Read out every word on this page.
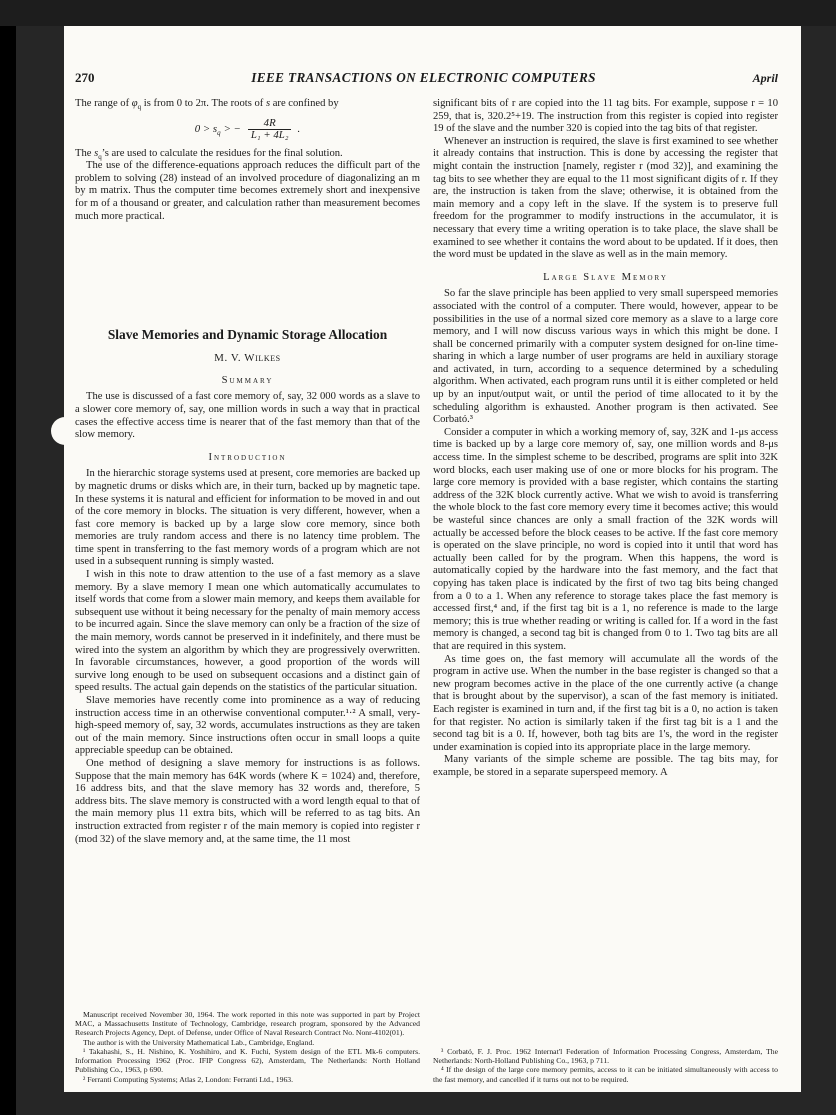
270	IEEE TRANSACTIONS ON ELECTRONIC COMPUTERS	April

The range of $\varphi_q$ is from 0 to 2π. The roots of s are confined by

$0 > s_q$ > − $\frac{4R}{\text{L₁ + 4L₂}}$ .

The $s_q’s$ are used to calculate the residues for the final solution.

The use of the difference-equations approach reduces the difficult part of the problem to solving (28) instead of an involved procedure of diagonalizing an m by m matrix. Thus the computer time becomes extremely short and inexpensive for m of a thousand or greater, and calculation rather than measurement becomes much more practical.

Slave Memories and Dynamic Storage Allocation
M. V. Wilkes
Summary

The use is discussed of a fast core memory of, say, 32 000 words as a slave to a slower core memory of, say, one million words in such a way that in practical cases the effective access time is nearer that of the fast memory than that of the slow memory.

Introduction

In the hierarchic storage systems used at present, core memories are backed up by magnetic drums or disks which are, in their turn, backed up by magnetic tape. In these systems it is natural and efficient for information to be moved in and out of the core memory in blocks. The situation is very different, however, when a fast core memory is backed up by a large slow core memory, since both memories are truly random access and there is no latency time problem. The time spent in transferring to the fast memory words of a program which are not used in a subsequent running is simply wasted.

I wish in this note to draw attention to the use of a fast memory as a slave memory. By a slave memory I mean one which automatically accumulates to itself words that come from a slower main memory, and keeps them available for subsequent use without it being necessary for the penalty of main memory access to be incurred again. Since the slave memory can only be a fraction of the size of the main memory, words cannot be preserved in it indefinitely, and there must be wired into the system an algorithm by which they are progressively overwritten. In favorable circumstances, however, a good proportion of the words will survive long enough to be used on subsequent occasions and a distinct gain of speed results. The actual gain depends on the statistics of the particular situation.

Slave memories have recently come into prominence as a way of reducing instruction access time in an otherwise conventional computer.¹·² A small, very-high-speed memory of, say, 32 words, accumulates instructions as they are taken out of the main memory. Since instructions often occur in small loops a quite appreciable speedup can be obtained.

One method of designing a slave memory for instructions is as follows. Suppose that the main memory has 64K words (where K = 1024) and, therefore, 16 address bits, and that the slave memory has 32 words and, therefore, 5 address bits. The slave memory is constructed with a word length equal to that of the main memory plus 11 extra bits, which will be referred to as tag bits. An instruction extracted from register r of the main memory is copied into register r (mod 32) of the slave memory and, at the same time, the 11 most

Manuscript received November 30, 1964. The work reported in this note was supported in part by Project MAC, a Massachusetts Institute of Technology, Cambridge, research program, sponsored by the Advanced Research Projects Agency, Dept. of Defense, under Office of Naval Research Contract No. Nonr-4102(01).

The author is with the University Mathematical Lab., Cambridge, England.

¹ Takahashi, S., H. Nishino, K. Yoshihiro, and K. Fuchi, System design of the ETL Mk-6 computers. Information Processing 1962 (Proc. IFIP Congress 62), Amsterdam, The Netherlands: North Holland Publishing Co., 1963, p 690.

² Ferranti Computing Systems; Atlas 2, London: Ferranti Ltd., 1963.

significant bits of r are copied into the 11 tag bits. For example, suppose r = 10 259, that is, 320.2⁵+19. The instruction from this register is copied into register 19 of the slave and the number 320 is copied into the tag bits of that register.

Whenever an instruction is required, the slave is first examined to see whether it already contains that instruction. This is done by accessing the register that might contain the instruction [namely, register r (mod 32)], and examining the tag bits to see whether they are equal to the 11 most significant digits of r. If they are, the instruction is taken from the slave; otherwise, it is obtained from the main memory and a copy left in the slave. If the system is to preserve full freedom for the programmer to modify instructions in the accumulator, it is necessary that every time a writing operation is to take place, the slave shall be examined to see whether it contains the word about to be updated. If it does, then the word must be updated in the slave as well as in the main memory.

Large Slave Memory

So far the slave principle has been applied to very small superspeed memories associated with the control of a computer. There would, however, appear to be possibilities in the use of a normal sized core memory as a slave to a large core memory, and I will now discuss various ways in which this might be done. I shall be concerned primarily with a computer system designed for on-line time-sharing in which a large number of user programs are held in auxiliary storage and activated, in turn, according to a sequence determined by a scheduling algorithm. When activated, each program runs until it is either completed or held up by an input/output wait, or until the period of time allocated to it by the scheduling algorithm is exhausted. Another program is then activated. See Corbató.³

Consider a computer in which a working memory of, say, 32K and 1-μs access time is backed up by a large core memory of, say, one million words and 8-μs access time. In the simplest scheme to be described, programs are split into 32K word blocks, each user making use of one or more blocks for his program. The large core memory is provided with a base register, which contains the starting address of the 32K block currently active. What we wish to avoid is transferring the whole block to the fast core memory every time it becomes active; this would be wasteful since chances are only a small fraction of the 32K words will actually be accessed before the block ceases to be active. If the fast core memory is operated on the slave principle, no word is copied into it until that word has actually been called for by the program. When this happens, the word is automatically copied by the hardware into the fast memory, and the fact that copying has taken place is indicated by the first of two tag bits being changed from a 0 to a 1. When any reference to storage takes place the fast memory is accessed first,⁴ and, if the first tag bit is a 1, no reference is made to the large memory; this is true whether reading or writing is called for. If a word in the fast memory is changed, a second tag bit is changed from 0 to 1. Two tag bits are all that are required in this system.

As time goes on, the fast memory will accumulate all the words of the program in active use. When the number in the base register is changed so that a new program becomes active in the place of the one currently active (a change that is brought about by the supervisor), a scan of the fast memory is initiated. Each register is examined in turn and, if the first tag bit is a 0, no action is taken for that register. No action is similarly taken if the first tag bit is a 1 and the second tag bit is a 0. If, however, both tag bits are 1's, the word in the register under examination is copied into its appropriate place in the large memory.

Many variants of the simple scheme are possible. The tag bits may, for example, be stored in a separate superspeed memory. A

³ Corbató, F. J. Proc. 1962 Internat'l Federation of Information Processing Congress, Amsterdam, The Netherlands: North-Holland Publishing Co., 1963, p 711.

⁴ If the design of the large core memory permits, access to it can be initiated simultaneously with access to the fast memory, and cancelled if it turns out not to be required.
